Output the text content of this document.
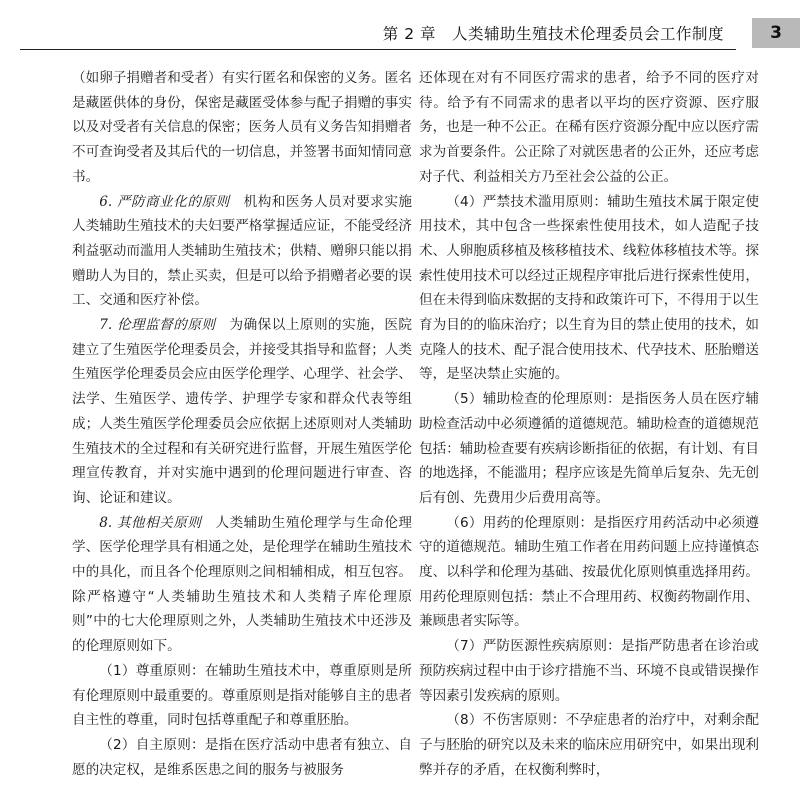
第 2 章　人类辅助生殖技术伦理委员会工作制度	3

（如卵子捐赠者和受者）有实行匿名和保密的义务。匿名是藏匿供体的身份，保密是藏匿受体参与配子捐赠的事实以及对受者有关信息的保密；医务人员有义务告知捐赠者不可查询受者及其后代的一切信息，并签署书面知情同意书。

6. 严防商业化的原则　机构和医务人员对要求实施人类辅助生殖技术的夫妇要严格掌握适应证，不能受经济利益驱动而滥用人类辅助生殖技术；供精、赠卵只能以捐赠助人为目的，禁止买卖，但是可以给予捐赠者必要的误工、交通和医疗补偿。

7. 伦理监督的原则　为确保以上原则的实施，医院建立了生殖医学伦理委员会，并接受其指导和监督；人类生殖医学伦理委员会应由医学伦理学、心理学、社会学、法学、生殖医学、遗传学、护理学专家和群众代表等组成；人类生殖医学伦理委员会应依据上述原则对人类辅助生殖技术的全过程和有关研究进行监督，开展生殖医学伦理宣传教育，并对实施中遇到的伦理问题进行审查、咨询、论证和建议。

8. 其他相关原则　人类辅助生殖伦理学与生命伦理学、医学伦理学具有相通之处，是伦理学在辅助生殖技术中的具化，而且各个伦理原则之间相辅相成，相互包容。除严格遵守“人类辅助生殖技术和人类精子库伦理原则”中的七大伦理原则之外，人类辅助生殖技术中还涉及的伦理原则如下。

（1）尊重原则：在辅助生殖技术中，尊重原则是所有伦理原则中最重要的。尊重原则是指对能够自主的患者自主性的尊重，同时包括尊重配子和尊重胚胎。

（2）自主原则：是指在医疗活动中患者有独立、自愿的决定权，是维系医患之间的服务与被服务

还体现在对有不同医疗需求的患者，给予不同的医疗对待。给予有不同需求的患者以平均的医疗资源、医疗服务，也是一种不公正。在稀有医疗资源分配中应以医疗需求为首要条件。公正除了对就医患者的公正外，还应考虑对子代、利益相关方乃至社会公益的公正。

（4）严禁技术滥用原则：辅助生殖技术属于限定使用技术，其中包含一些探索性使用技术，如人造配子技术、人卵胞质移植及核移植技术、线粒体移植技术等。探索性使用技术可以经过正规程序审批后进行探索性使用，但在未得到临床数据的支持和政策许可下，不得用于以生育为目的的临床治疗；以生育为目的禁止使用的技术，如克隆人的技术、配子混合使用技术、代孕技术、胚胎赠送等，是坚决禁止实施的。

（5）辅助检查的伦理原则：是指医务人员在医疗辅助检查活动中必须遵循的道德规范。辅助检查的道德规范包括：辅助检查要有疾病诊断指征的依据，有计划、有目的地选择，不能滥用；程序应该是先简单后复杂、先无创后有创、先费用少后费用高等。

（6）用药的伦理原则：是指医疗用药活动中必须遵守的道德规范。辅助生殖工作者在用药问题上应持谨慎态度、以科学和伦理为基础、按最优化原则慎重选择用药。用药伦理原则包括：禁止不合理用药、权衡药物副作用、兼顾患者实际等。

（7）严防医源性疾病原则：是指严防患者在诊治或预防疾病过程中由于诊疗措施不当、环境不良或错误操作等因素引发疾病的原则。

（8）不伤害原则：不孕症患者的治疗中，对剩余配子与胚胎的研究以及未来的临床应用研究中，如果出现利弊并存的矛盾，在权衡利弊时，
